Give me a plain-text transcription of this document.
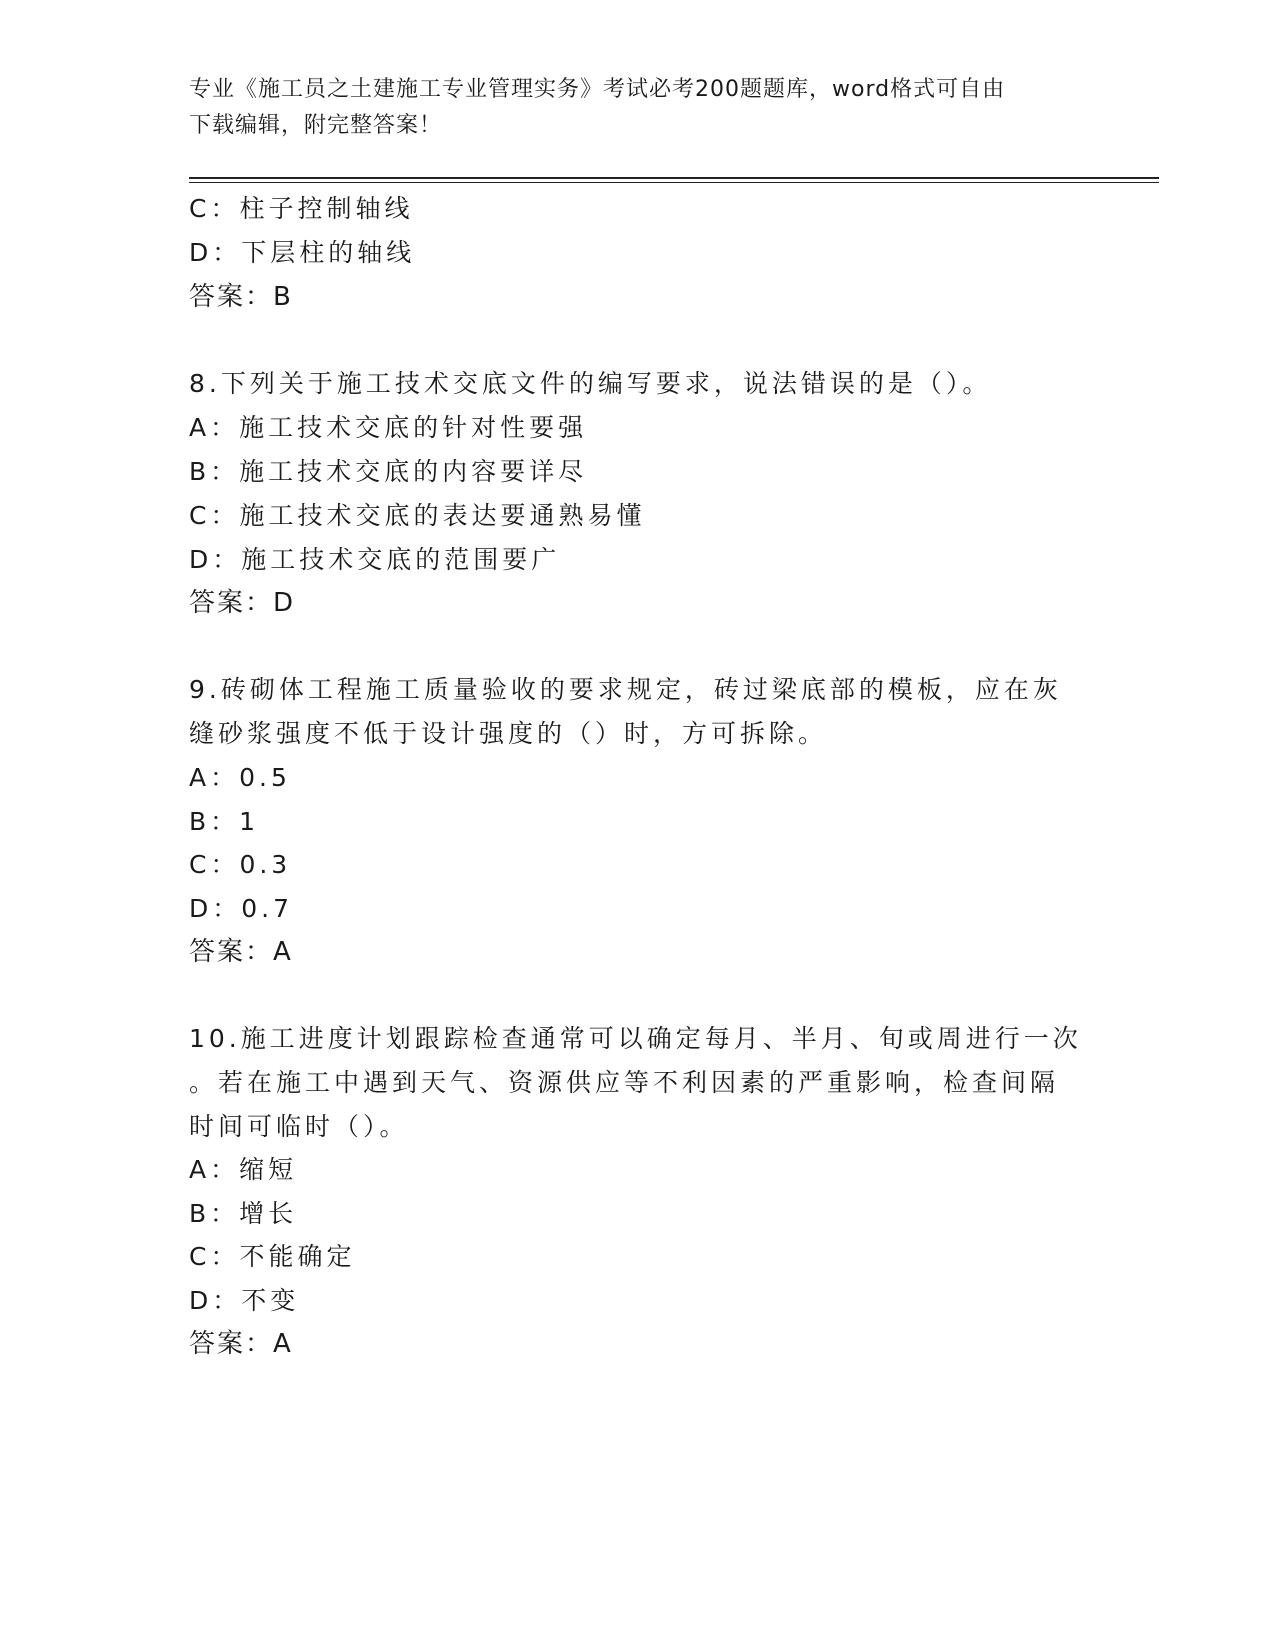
专业《施工员之土建施工专业管理实务》考试必考200题题库，word格式可自由
下载编辑，附完整答案！
C：柱子控制轴线
D：下层柱的轴线
答案：B
8.下列关于施工技术交底文件的编写要求，说法错误的是（）。
A：施工技术交底的针对性要强
B：施工技术交底的内容要详尽
C：施工技术交底的表达要通熟易懂
D：施工技术交底的范围要广
答案：D
9.砖砌体工程施工质量验收的要求规定，砖过梁底部的模板，应在灰
缝砂浆强度不低于设计强度的（）时，方可拆除。
A：0.5
B：1
C：0.3
D：0.7
答案：A
10.施工进度计划跟踪检查通常可以确定每月、半月、旬或周进行一次
。若在施工中遇到天气、资源供应等不利因素的严重影响，检查间隔
时间可临时（）。
A：缩短
B：增长
C：不能确定
D：不变
答案：A
